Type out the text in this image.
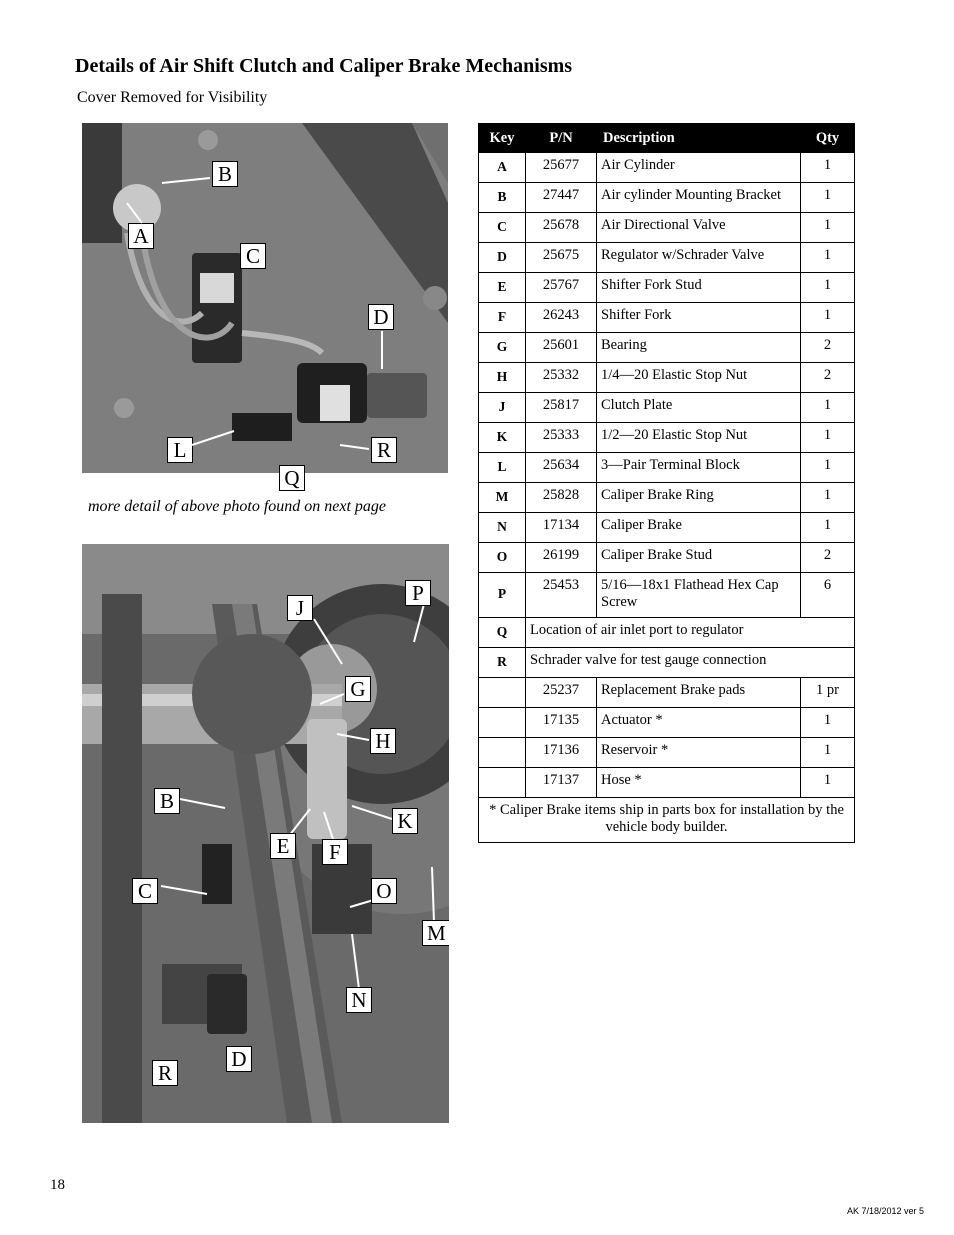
Details of Air Shift Clutch and Caliper Brake Mechanisms
Cover Removed for Visibility
B
A
C
D
L	R
Q
more detail of above photo found on next page
J
P
G
H
B
K
E	F
C	O
M
N
R
D
Key	P/N	Description	Qty
A	25677	Air Cylinder	1
B	27447	Air cylinder Mounting Bracket	1
C	25678	Air Directional Valve	1
D	25675	Regulator w/Schrader Valve	1
E	25767	Shifter Fork Stud	1
F	26243	Shifter Fork	1
G	25601	Bearing	2
H	25332	1/4—20 Elastic Stop Nut	2
J	25817	Clutch Plate	1
K	25333	1/2—20 Elastic Stop Nut	1
L	25634	3—Pair Terminal Block	1
M	25828	Caliper Brake Ring	1
N	17134	Caliper Brake	1
O	26199	Caliper Brake Stud	2
P	25453	5/16—18x1 Flathead Hex Cap Screw	6
Q	Location of air inlet port to regulator		
R	Schrader valve for test gauge connection		
	25237	Replacement Brake pads	1 pr
	17135	Actuator *	1
	17136	Reservoir *	1
	17137	Hose *	1
* Caliper Brake items ship in parts box for installation by the vehicle body builder.			
18
AK 7/18/2012 ver 5
